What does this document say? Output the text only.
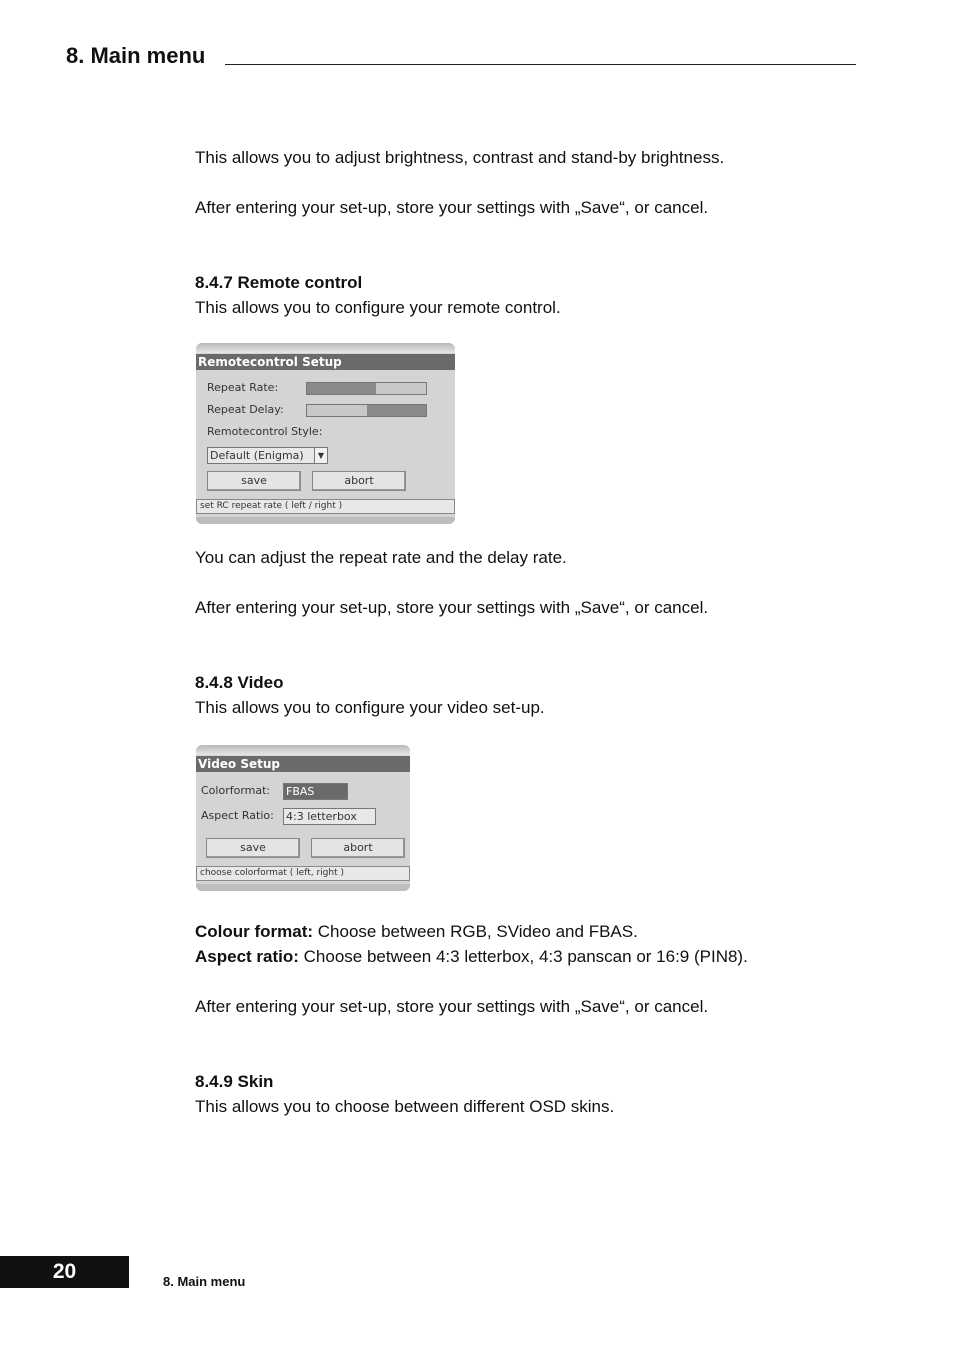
8. Main menu
This allows you to adjust brightness, contrast and stand-by brightness.
After entering your set-up, store your settings with „Save“, or cancel.
8.4.7 Remote control
This allows you to configure your remote control.
Remotecontrol Setup
Repeat Rate:
Repeat Delay:
Remotecontrol Style:
Default (Enigma)	▼
save	abort
set RC repeat rate ( left / right )
You can adjust the repeat rate and the delay rate.
After entering your set-up, store your settings with „Save“, or cancel.
8.4.8 Video
This allows you to configure your video set-up.
Video Setup
Colorformat: FBAS
Aspect Ratio: 4:3 letterbox
save	abort
choose colorformat ( left, right )
Colour format: Choose between RGB, SVideo and FBAS.
Aspect ratio: Choose between 4:3 letterbox, 4:3 panscan or 16:9 (PIN8).
After entering your set-up, store your settings with „Save“, or cancel.
8.4.9 Skin
This allows you to choose between different OSD skins.
20	8. Main menu
